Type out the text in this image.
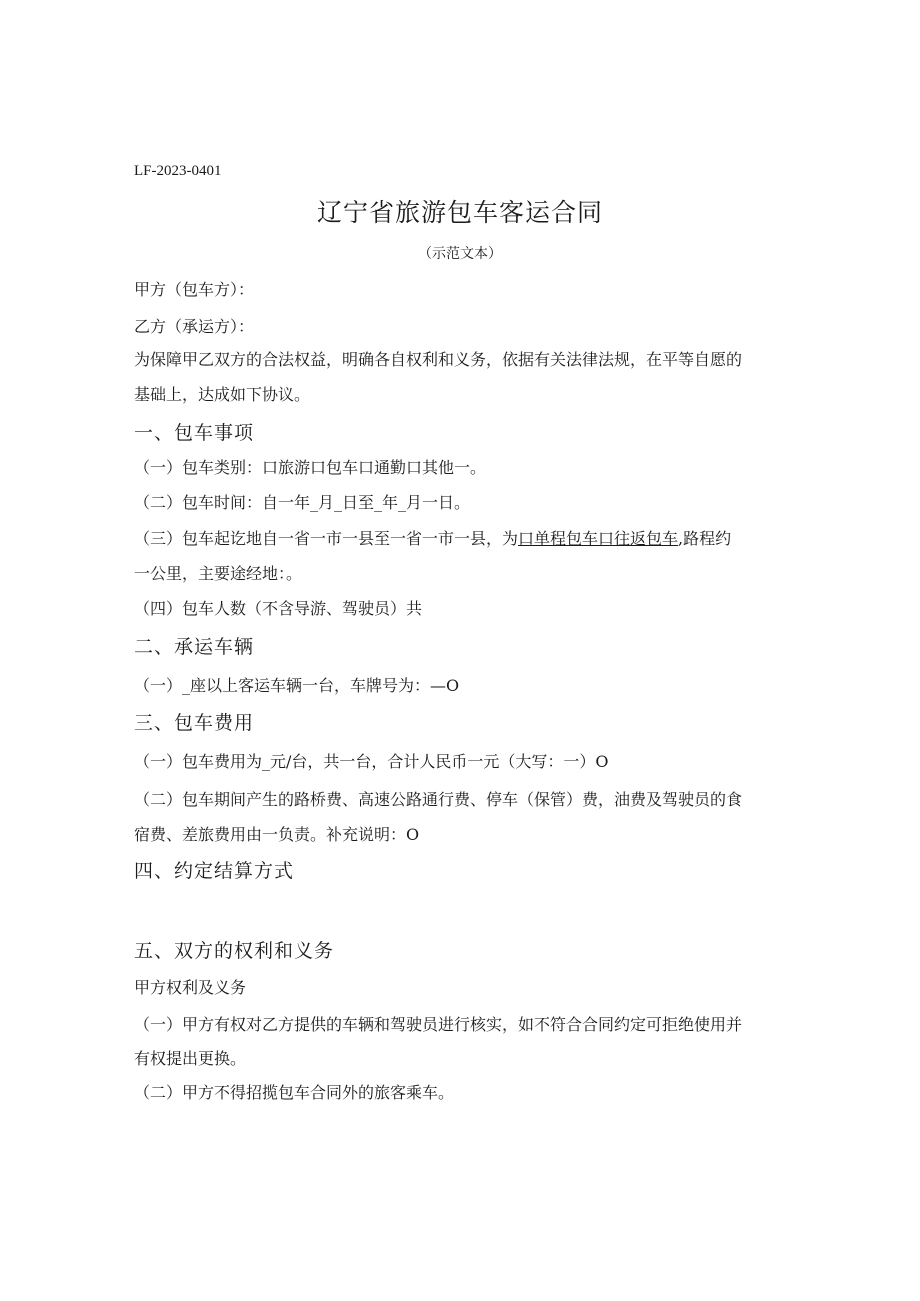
LF-2023-0401
辽宁省旅游包车客运合同
（示范文本）
甲方（包车方）：
乙方（承运方）：
为保障甲乙双方的合法权益，明确各自权利和义务，依据有关法律法规，在平等自愿的
基础上，达成如下协议。
一、包车事项
（一）包车类别：口旅游口包车口通勤口其他一。
（二）包车时间：自一年_月_日至_年_月一日。
（三）包车起讫地自一省一市一县至一省一市一县，为口单程包车口往返包车,路程约
一公里，主要途经地：。
（四）包车人数（不含导游、驾驶员）共
二、承运车辆
（一）_座以上客运车辆一台，车牌号为：—O
三、包车费用
（一）包车费用为_元/台，共一台，合计人民币一元（大写：一）O
（二）包车期间产生的路桥费、高速公路通行费、停车（保管）费，油费及驾驶员的食
宿费、差旅费用由一负责。补充说明：O
四、约定结算方式
五、双方的权利和义务
甲方权利及义务
（一）甲方有权对乙方提供的车辆和驾驶员进行核实，如不符合合同约定可拒绝使用并
有权提出更换。
（二）甲方不得招揽包车合同外的旅客乘车。
